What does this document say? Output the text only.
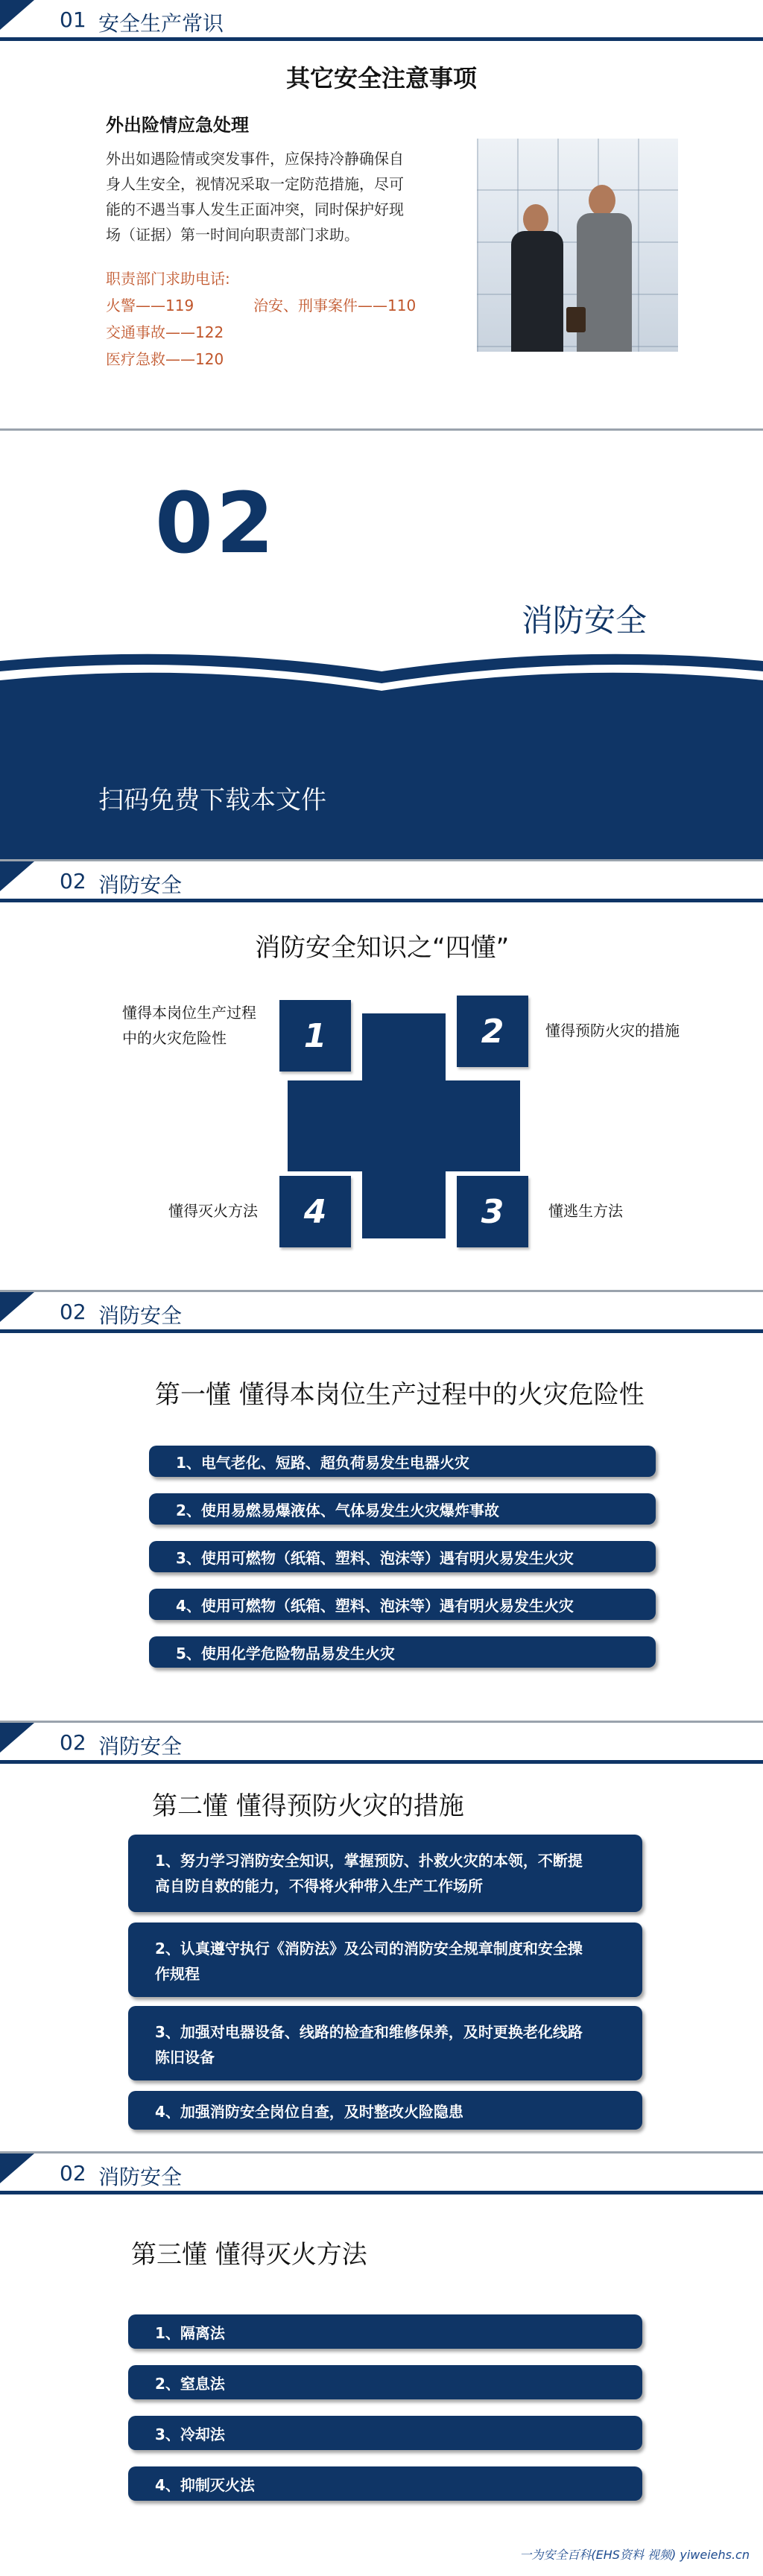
01 安全生产常识
其它安全注意事项
外出险情应急处理
外出如遇险情或突发事件，应保持冷静确保自
身人生安全，视情况采取一定防范措施，尽可
能的不遇当事人发生正面冲突，同时保护好现
场（证据）第一时间向职责部门求助。
职责部门求助电话:
火警——119	治安、刑事案件——110
交通事故——122
医疗急救——120
02
消防安全
扫码免费下载本文件
02 消防安全
消防安全知识之“四懂”
1	2
4	3
懂得本岗位生产过程
中的火灾危险性	懂得预防火灾的措施
懂得灭火方法	懂逃生方法
02 消防安全
第一懂 懂得本岗位生产过程中的火灾危险性
1、电气老化、短路、超负荷易发生电器火灾
2、使用易燃易爆液体、气体易发生火灾爆炸事故
3、使用可燃物（纸箱、塑料、泡沫等）遇有明火易发生火灾
4、使用可燃物（纸箱、塑料、泡沫等）遇有明火易发生火灾
5、使用化学危险物品易发生火灾
02 消防安全
第二懂 懂得预防火灾的措施
1、努力学习消防安全知识，掌握预防、扑救火灾的本领，不断提
高自防自救的能力，不得将火种带入生产工作场所
2、认真遵守执行《消防法》及公司的消防安全规章制度和安全操
作规程
3、加强对电器设备、线路的检查和维修保养，及时更换老化线路
陈旧设备
4、加强消防安全岗位自查，及时整改火险隐患
02 消防安全
第三懂 懂得灭火方法
1、隔离法
2、窒息法
3、冷却法
4、抑制灭火法
一为安全百科(EHS资料 视频) yiweiehs.cn
